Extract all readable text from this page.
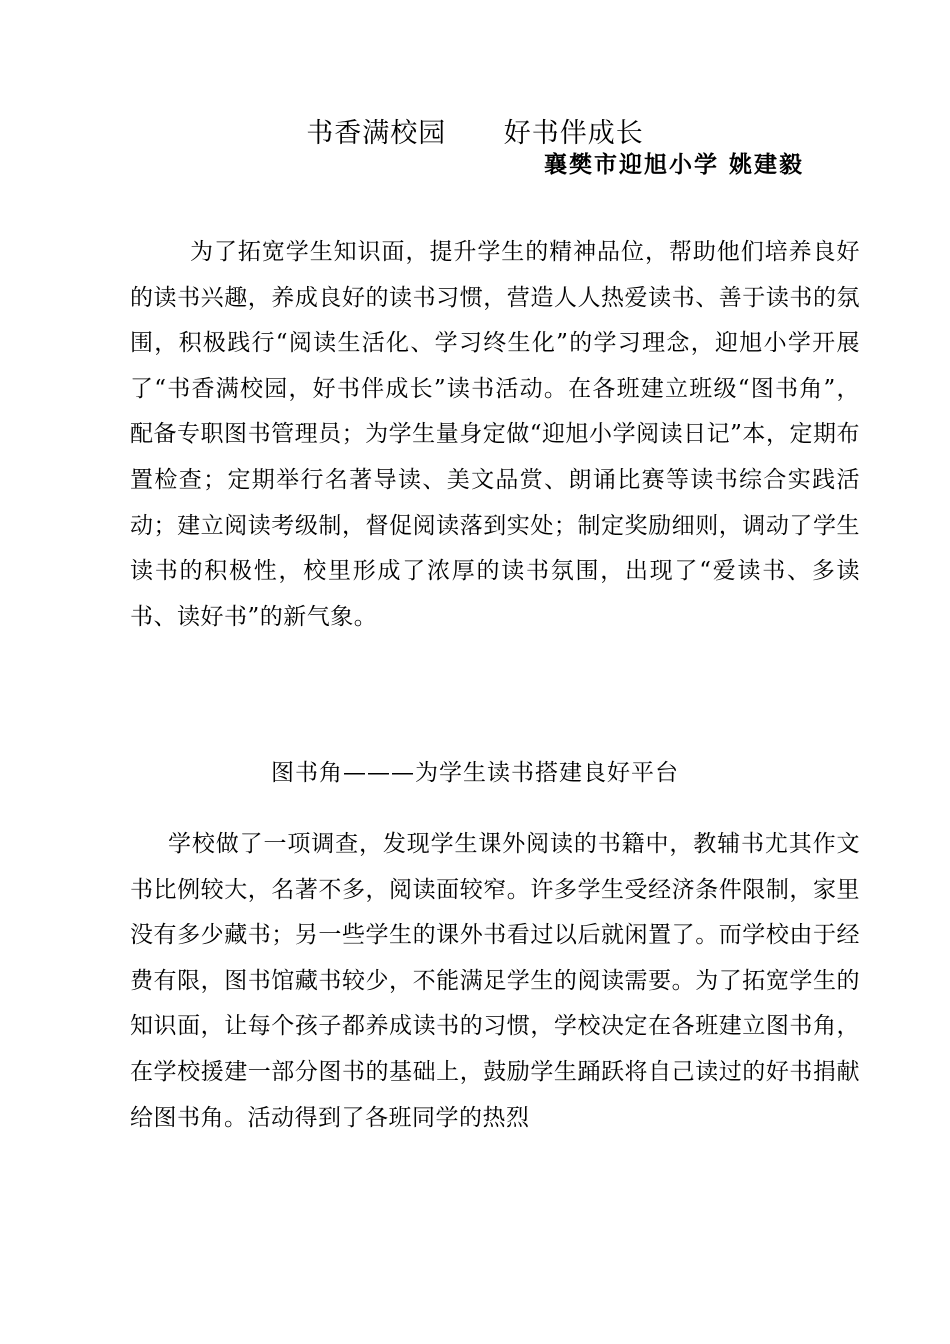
书香满校园      好书伴成长
襄樊市迎旭小学 姚建毅

为了拓宽学生知识面，提升学生的精神品位，帮助他们培养良好的读书兴趣，养成良好的读书习惯，营造人人热爱读书、善于读书的氛围，积极践行“阅读生活化、学习终生化”的学习理念，迎旭小学开展了“书香满校园，好书伴成长”读书活动。在各班建立班级“图书角”，配备专职图书管理员；为学生量身定做“迎旭小学阅读日记”本，定期布置检查；定期举行名著导读、美文品赏、朗诵比赛等读书综合实践活动；建立阅读考级制，督促阅读落到实处；制定奖励细则，调动了学生读书的积极性，校里形成了浓厚的读书氛围，出现了“爱读书、多读书、读好书”的新气象。

图书角———为学生读书搭建良好平台

学校做了一项调查，发现学生课外阅读的书籍中，教辅书尤其作文书比例较大，名著不多，阅读面较窄。许多学生受经济条件限制，家里没有多少藏书；另一些学生的课外书看过以后就闲置了。而学校由于经费有限，图书馆藏书较少，不能满足学生的阅读需要。为了拓宽学生的知识面，让每个孩子都养成读书的习惯，学校决定在各班建立图书角，在学校援建一部分图书的基础上，鼓励学生踊跃将自己读过的好书捐献给图书角。活动得到了各班同学的热烈
